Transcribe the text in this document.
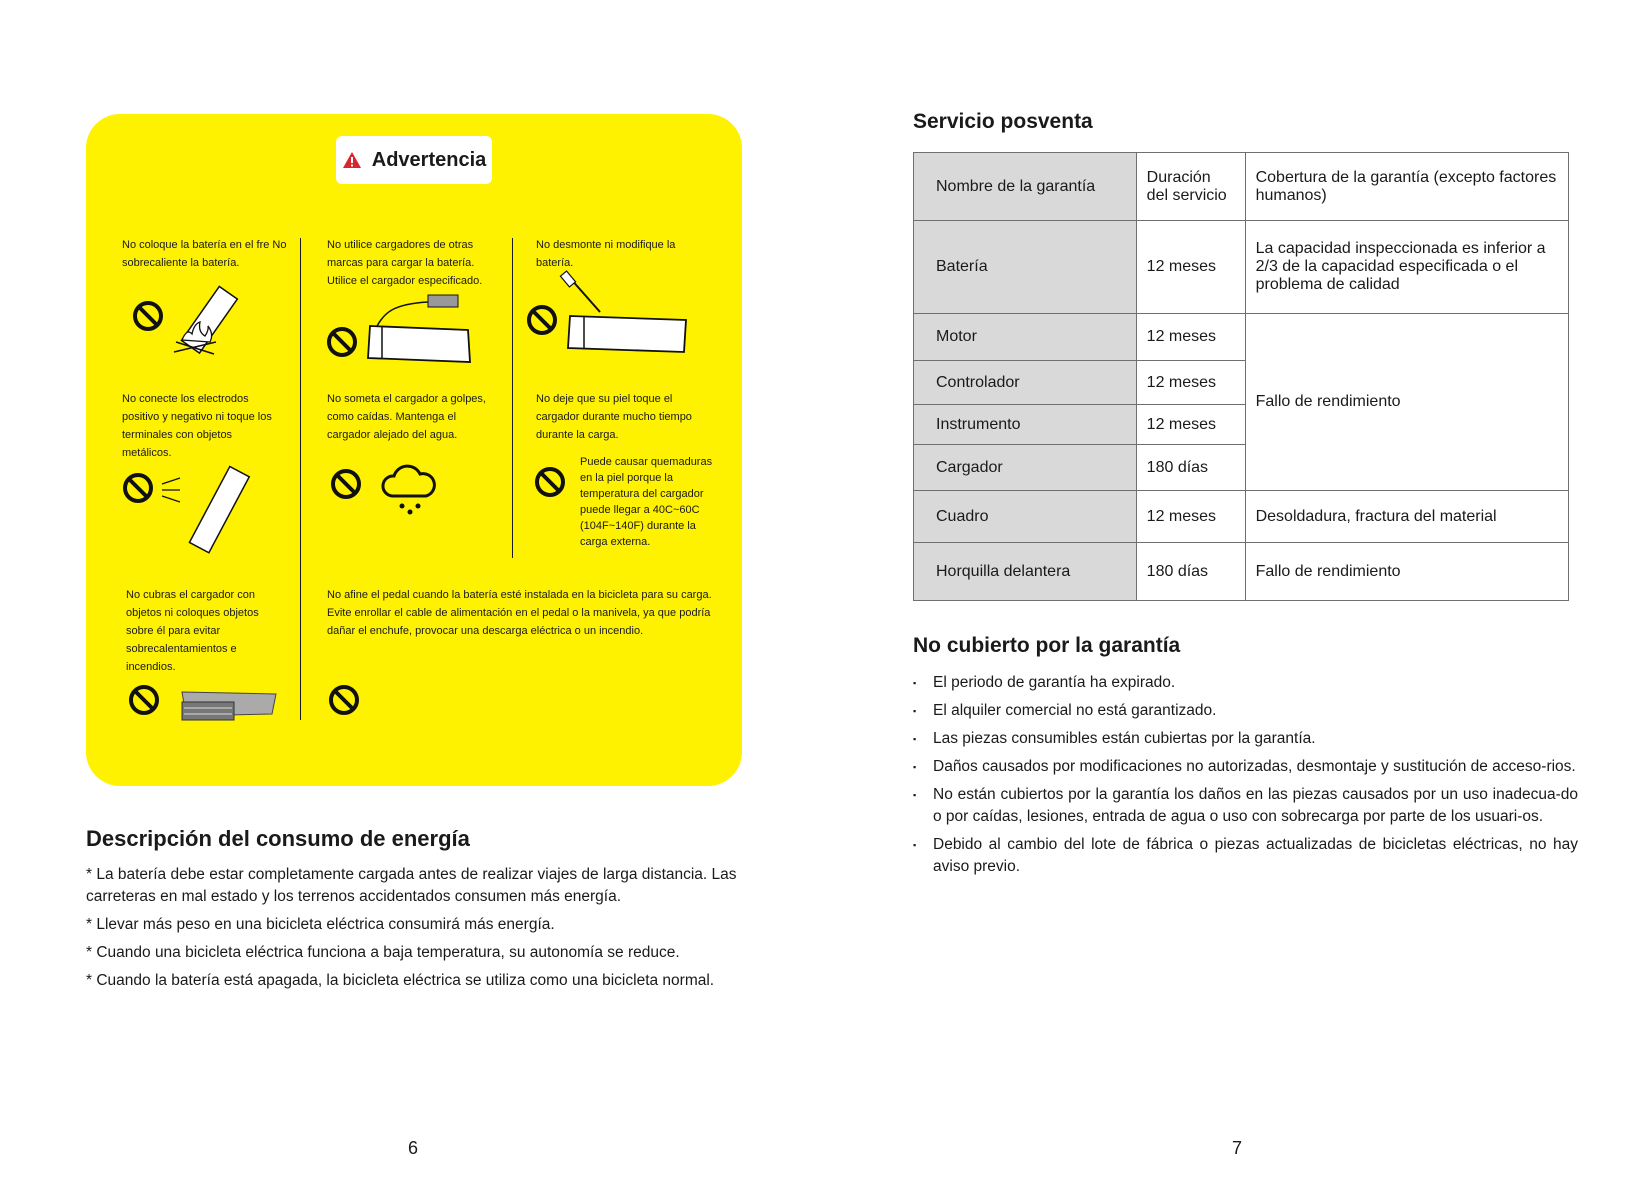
Advertencia
No coloque la batería en el fre No sobrecaliente la batería.
No utilice cargadores de otras marcas para cargar la batería. Utilice el cargador especificado.
No desmonte ni modifique la batería.
No conecte los electrodos positivo y negativo ni toque los terminales con objetos metálicos.
No someta el cargador a golpes, como caídas. Mantenga el cargador alejado del agua.
No deje que su piel toque el cargador durante mucho tiempo durante la carga.
Puede causar quemaduras en la piel porque la temperatura del cargador puede llegar a 40C~60C (104F~140F) durante la carga externa.
No cubras el cargador con objetos ni coloques objetos sobre él para evitar sobrecalentamientos e incendios.
No afine el pedal cuando la batería esté instalada en la bicicleta para su carga. Evite enrollar el cable de alimentación en el pedal o la manivela, ya que podría dañar el enchufe, provocar una descarga eléctrica o un incendio.
Descripción del consumo de energía
* La batería debe estar completamente cargada antes de realizar viajes de larga distancia. Las carreteras en mal estado y los terrenos accidentados consumen más energía.
* Llevar más peso en una bicicleta eléctrica consumirá más energía.
* Cuando una bicicleta eléctrica funciona a baja temperatura, su autonomía se reduce.
* Cuando la batería está apagada, la bicicleta eléctrica se utiliza como una bicicleta normal.
6
Servicio posventa
Nombre de la garantía	Duración del servicio	Cobertura de la garantía (excepto factores humanos)
Batería	12 meses	La capacidad inspeccionada es inferior a 2/3 de la capacidad especificada o el problema de calidad
Motor	12 meses	Fallo de rendimiento
Controlador	12 meses	
Instrumento	12 meses	
Cargador	180 días	
Cuadro	12 meses	Desoldadura, fractura del material
Horquilla delantera	180 días	Fallo de rendimiento
No cubierto por la garantía
▪ El periodo de garantía ha expirado.
▪ El alquiler comercial no está garantizado.
▪ Las piezas consumibles están cubiertas por la garantía.
▪ Daños causados por modificaciones no autorizadas, desmontaje y sustitución de acceso-rios.
▪ No están cubiertos por la garantía los daños en las piezas causados por un uso inadecua-do o por caídas, lesiones, entrada de agua o uso con sobrecarga por parte de los usuari-os.
▪ Debido al cambio del lote de fábrica o piezas actualizadas de bicicletas eléctricas, no hay aviso previo.
7
